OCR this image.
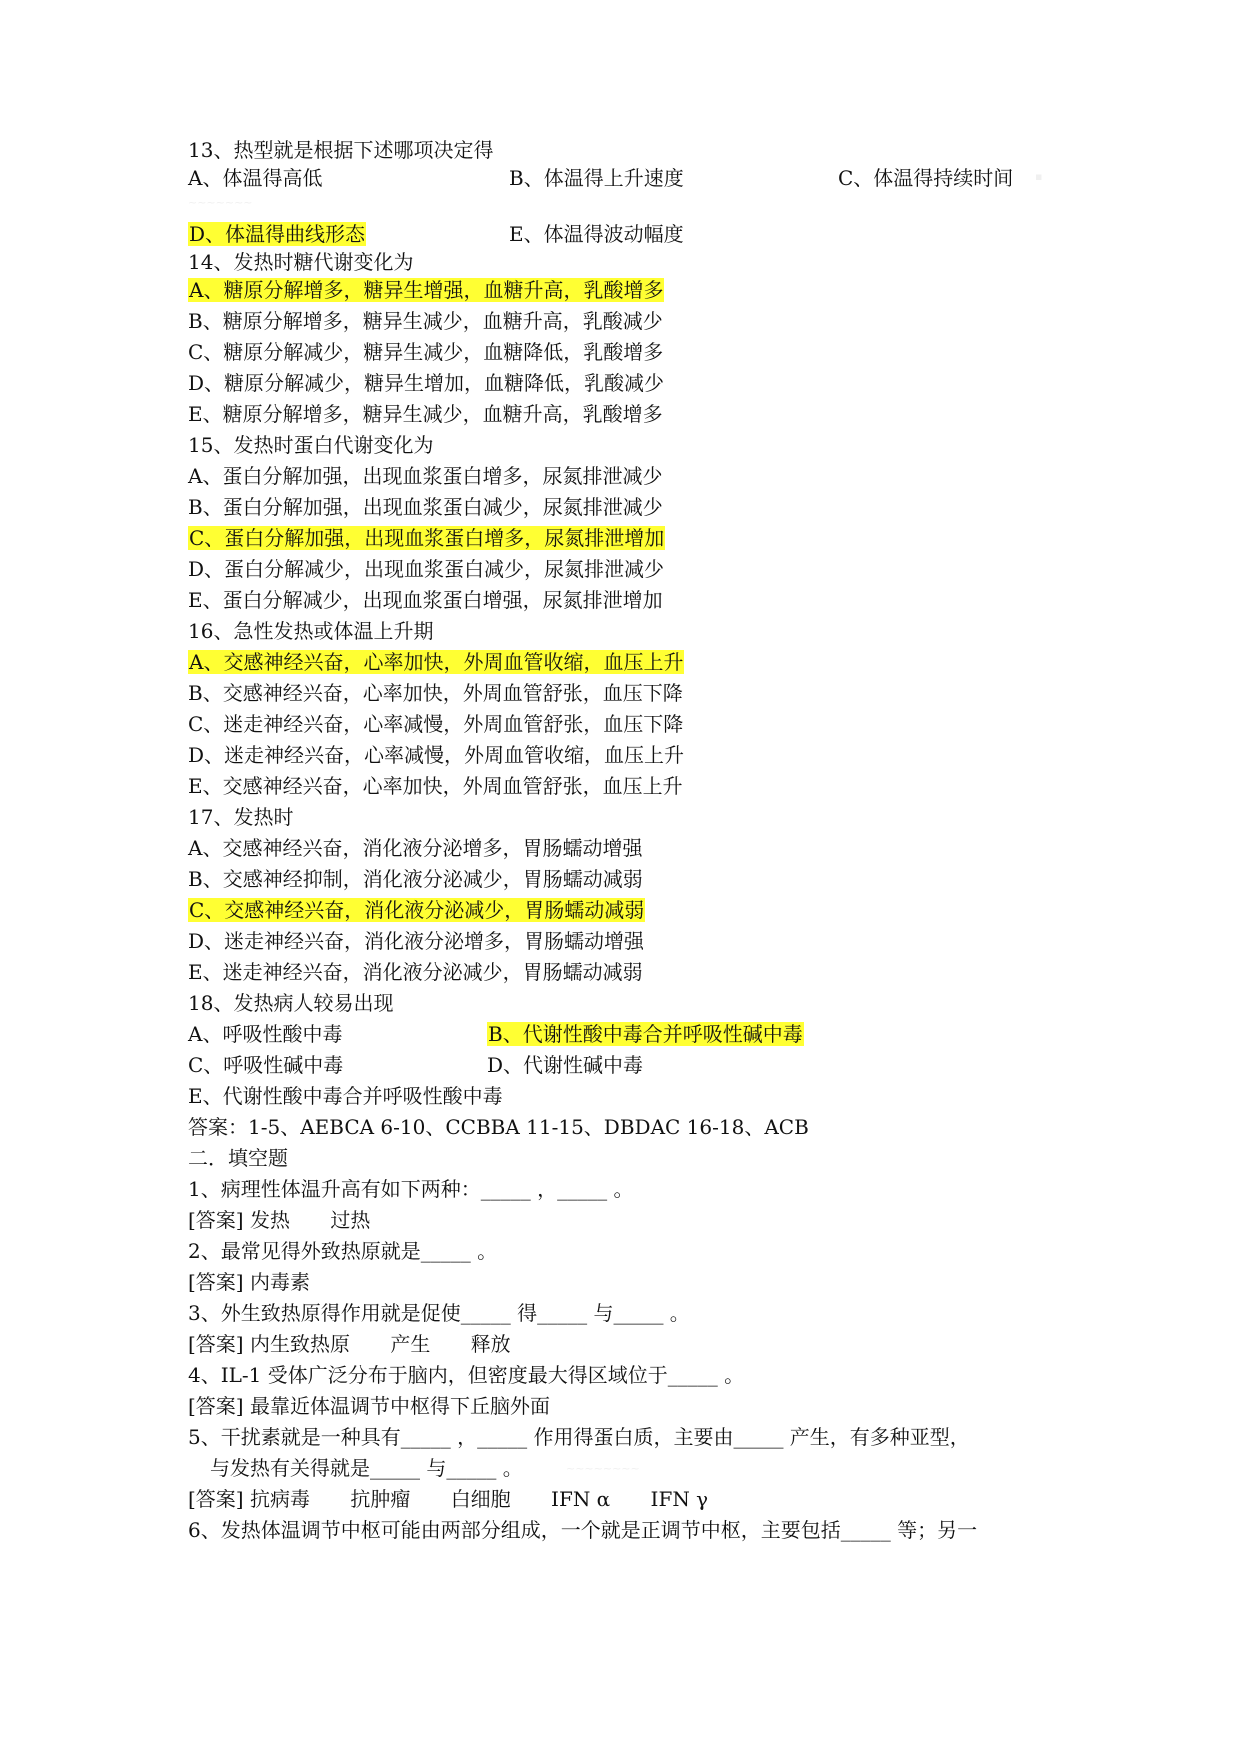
13、热型就是根据下述哪项决定得
A、体温得高低	B、体温得上升速度	C、体温得持续时间 ▪
~~~~~~~
D、体温得曲线形态	E、体温得波动幅度
14、发热时糖代谢变化为
A、糖原分解增多，糖异生增强，血糖升高，乳酸增多
B、糖原分解增多，糖异生减少，血糖升高，乳酸减少
C、糖原分解减少，糖异生减少，血糖降低，乳酸增多
D、糖原分解减少，糖异生增加，血糖降低，乳酸减少
E、糖原分解增多，糖异生减少，血糖升高，乳酸增多
15、发热时蛋白代谢变化为
A、蛋白分解加强，出现血浆蛋白增多，尿氮排泄减少
B、蛋白分解加强，出现血浆蛋白减少，尿氮排泄减少
C、蛋白分解加强，出现血浆蛋白增多，尿氮排泄增加
D、蛋白分解减少，出现血浆蛋白减少，尿氮排泄减少
E、蛋白分解减少，出现血浆蛋白增强，尿氮排泄增加
16、急性发热或体温上升期
A、交感神经兴奋，心率加快，外周血管收缩，血压上升
B、交感神经兴奋，心率加快，外周血管舒张，血压下降
C、迷走神经兴奋，心率减慢，外周血管舒张，血压下降
D、迷走神经兴奋，心率减慢，外周血管收缩，血压上升
E、交感神经兴奋，心率加快，外周血管舒张，血压上升
17、发热时
A、交感神经兴奋，消化液分泌增多，胃肠蠕动增强
B、交感神经抑制，消化液分泌减少，胃肠蠕动减弱
C、交感神经兴奋，消化液分泌减少，胃肠蠕动减弱
D、迷走神经兴奋，消化液分泌增多，胃肠蠕动增强
E、迷走神经兴奋，消化液分泌减少，胃肠蠕动减弱
18、发热病人较易出现
A、呼吸性酸中毒	B、代谢性酸中毒合并呼吸性碱中毒
C、呼吸性碱中毒	D、代谢性碱中毒
E、代谢性酸中毒合并呼吸性酸中毒
答案：1-5、AEBCA 6-10、CCBBA 11-15、DBDAC 16-18、ACB
二．填空题
1、病理性体温升高有如下两种：_____ ，_____ 。
[答案] 发热 过热
2、最常见得外致热原就是_____ 。
[答案] 内毒素
3、外生致热原得作用就是促使_____ 得_____ 与_____ 。
[答案] 内生致热原 产生 释放
4、IL-1 受体广泛分布于脑内，但密度最大得区域位于_____ 。
[答案] 最靠近体温调节中枢得下丘脑外面
5、干扰素就是一种具有_____ ，_____ 作用得蛋白质，主要由_____ 产生，有多种亚型，
与发热有关得就是_____ 与_____ 。	~~~~~~~~
[答案] 抗病毒 抗肿瘤 白细胞 IFN α IFN γ
6、发热体温调节中枢可能由两部分组成，一个就是正调节中枢，主要包括_____ 等；另一
